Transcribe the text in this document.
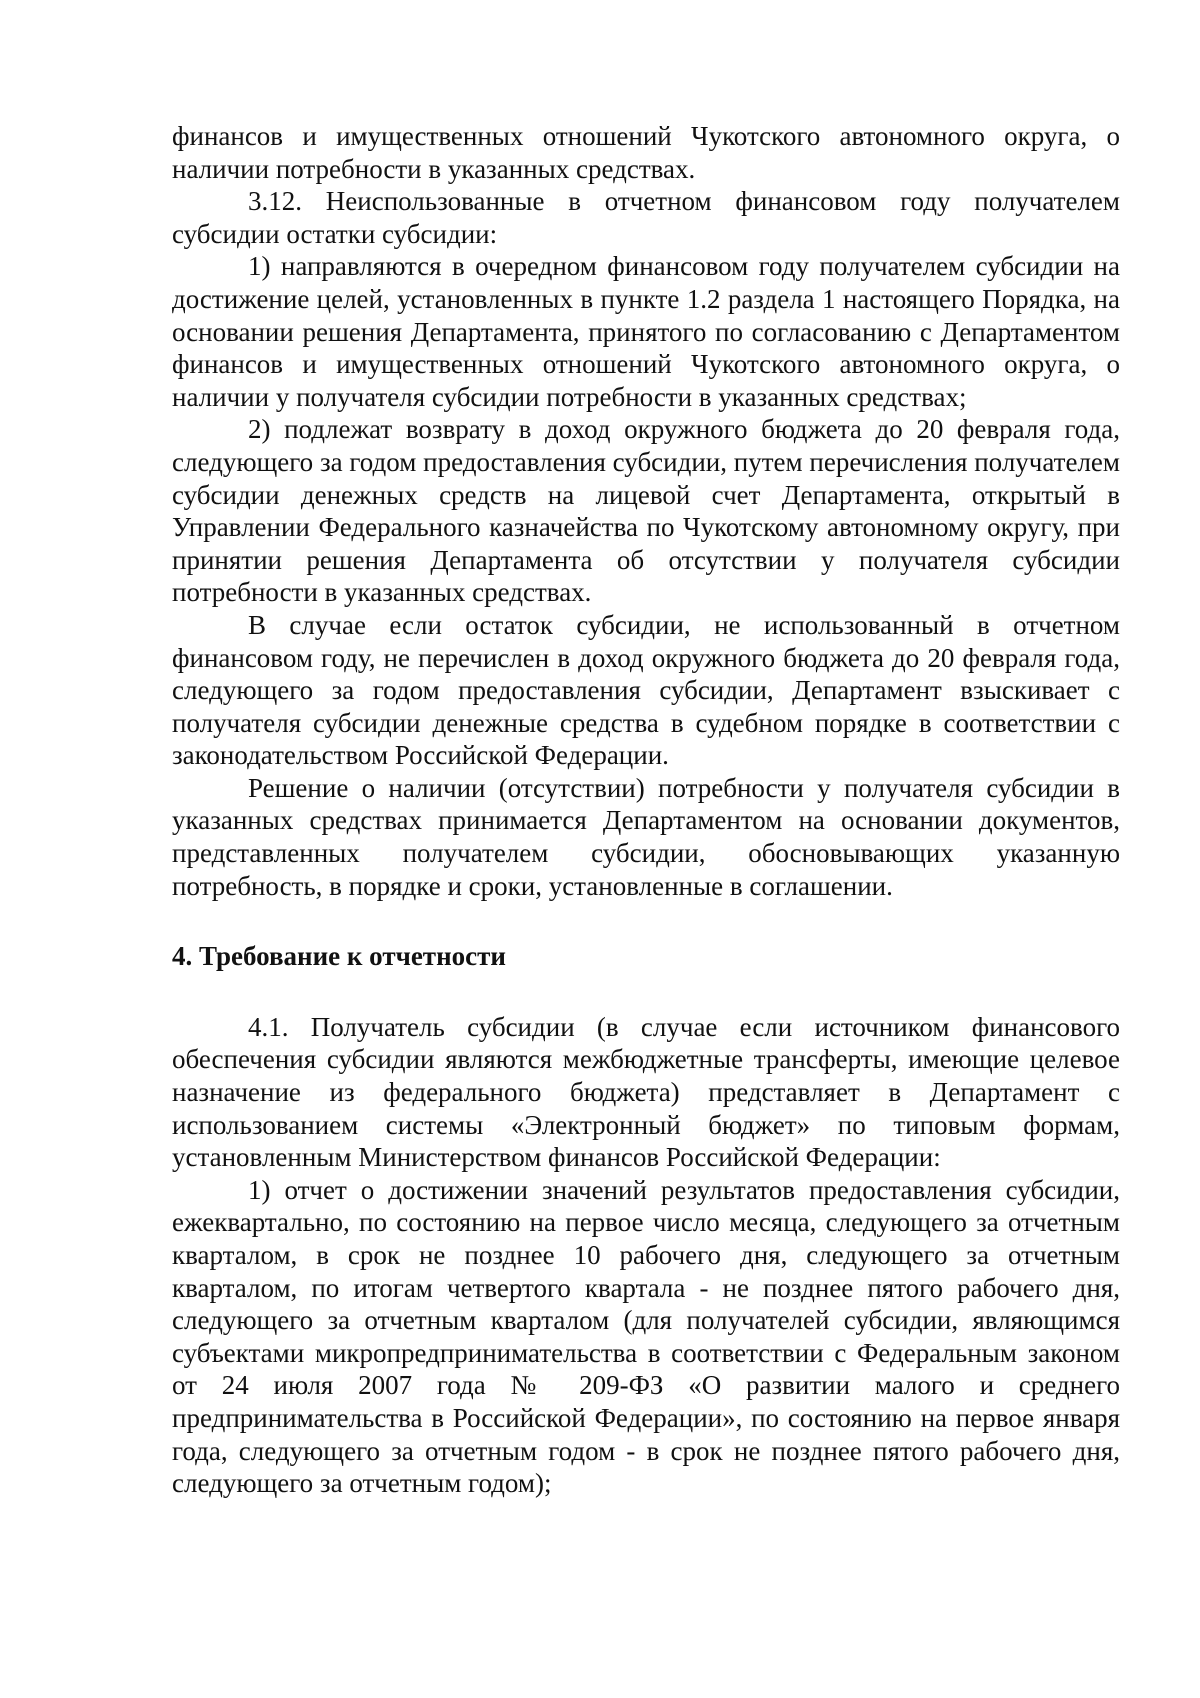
финансов и имущественных отношений Чукотского автономного округа, о наличии потребности в указанных средствах.

3.12. Неиспользованные в отчетном финансовом году получателем субсидии остатки субсидии:

1) направляются в очередном финансовом году получателем субсидии на достижение целей, установленных в пункте 1.2 раздела 1 настоящего Порядка, на основании решения Департамента, принятого по согласованию с Департаментом финансов и имущественных отношений Чукотского автономного округа, о наличии у получателя субсидии потребности в указанных средствах;

2) подлежат возврату в доход окружного бюджета до 20 февраля года, следующего за годом предоставления субсидии, путем перечисления получателем субсидии денежных средств на лицевой счет Департамента, открытый в Управлении Федерального казначейства по Чукотскому автономному округу, при принятии решения Департамента об отсутствии у получателя субсидии потребности в указанных средствах.

В случае если остаток субсидии, не использованный в отчетном финансовом году, не перечислен в доход окружного бюджета до 20 февраля года, следующего за годом предоставления субсидии, Департамент взыскивает с получателя субсидии денежные средства в судебном порядке в соответствии с законодательством Российской Федерации.

Решение о наличии (отсутствии) потребности у получателя субсидии в указанных средствах принимается Департаментом на основании документов, представленных получателем субсидии, обосновывающих указанную потребность, в порядке и сроки, установленные в соглашении.

4. Требование к отчетности

4.1. Получатель субсидии (в случае если источником финансового обеспечения субсидии являются межбюджетные трансферты, имеющие целевое назначение из федерального бюджета) представляет в Департамент с использованием системы «Электронный бюджет» по типовым формам, установленным Министерством финансов Российской Федерации:

1) отчет о достижении значений результатов предоставления субсидии, ежеквартально, по состоянию на первое число месяца, следующего за отчетным кварталом, в срок не позднее 10 рабочего дня, следующего за отчетным кварталом, по итогам четвертого квартала - не позднее пятого рабочего дня, следующего за отчетным кварталом (для получателей субсидии, являющимся субъектами микропредпринимательства в соответствии с Федеральным законом от 24 июля 2007 года № 209-ФЗ «О развитии малого и среднего предпринимательства в Российской Федерации», по состоянию на первое января года, следующего за отчетным годом - в срок не позднее пятого рабочего дня, следующего за отчетным годом);
